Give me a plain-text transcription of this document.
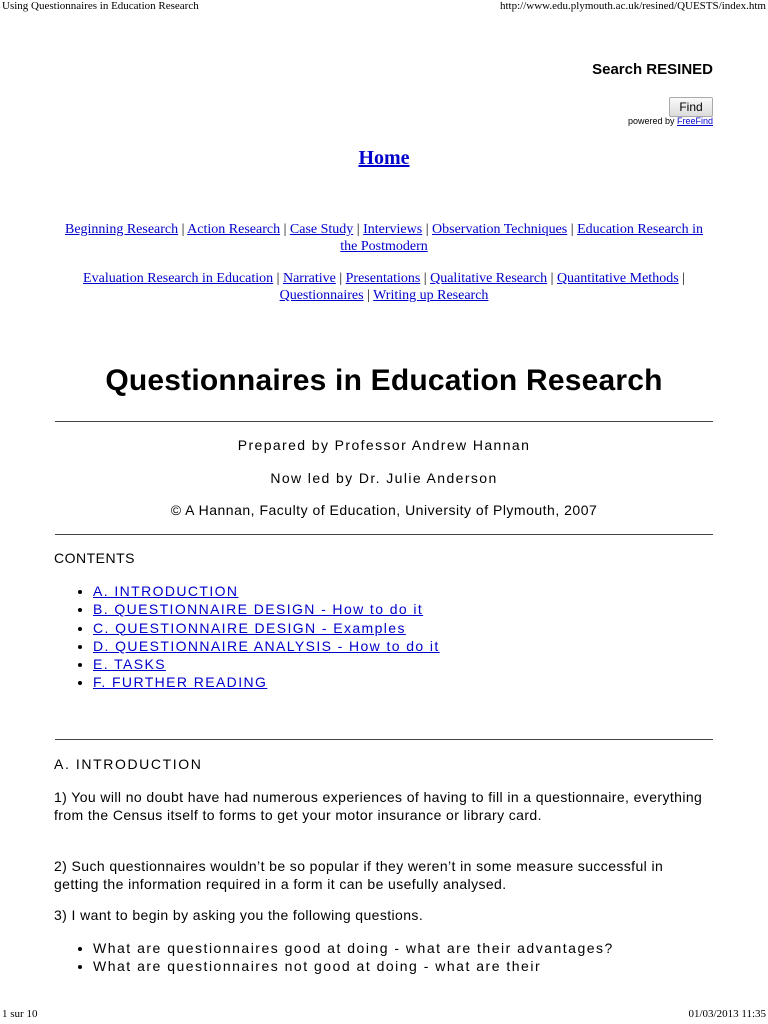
Using Questionnaires in Education Research	http://www.edu.plymouth.ac.uk/resined/QUESTS/index.htm
Search RESINED
Find
powered by FreeFind
Home
Beginning Research | Action Research | Case Study | Interviews | Observation Techniques | Education Research in the Postmodern
Evaluation Research in Education | Narrative | Presentations | Qualitative Research | Quantitative Methods | Questionnaires | Writing up Research
Questionnaires in Education Research
Prepared by Professor Andrew Hannan
Now led by Dr. Julie Anderson
© A Hannan, Faculty of Education, University of Plymouth, 2007
CONTENTS
• A. INTRODUCTION
• B. QUESTIONNAIRE DESIGN - How to do it
• C. QUESTIONNAIRE DESIGN - Examples
• D. QUESTIONNAIRE ANALYSIS - How to do it
• E. TASKS
• F. FURTHER READING
A. INTRODUCTION

1) You will no doubt have had numerous experiences of having to fill in a questionnaire, everything from the Census itself to forms to get your motor insurance or library card.

2) Such questionnaires wouldn’t be so popular if they weren’t in some measure successful in getting the information required in a form it can be usefully analysed.

3) I want to begin by asking you the following questions.

• What are questionnaires good at doing - what are their advantages?
• What are questionnaires not good at doing - what are their
1 sur 10	01/03/2013 11:35
